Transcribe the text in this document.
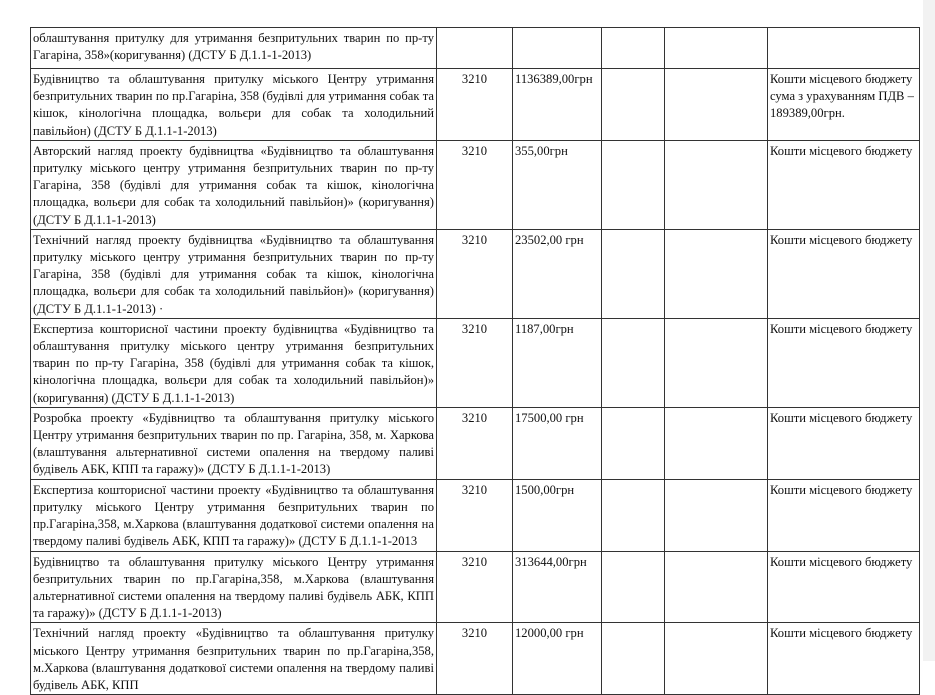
облаштування притулку для утримання безпритульних тварин по пр-ту Гагаріна, 358»(коригування) (ДСТУ Б Д.1.1-1-2013)					
Будівництво та облаштування притулку міського Центру утримання безпритульних тварин по пр.Гагаріна, 358 (будівлі для утримання собак та кішок, кінологічна площадка, вольєри для собак та холодильний павільйон) (ДСТУ Б Д.1.1-1-2013)	3210	1136389,00грн			Кошти місцевого бюджету сума з урахуванням ПДВ – 189389,00грн.
Авторский нагляд проекту будівництва «Будівництво та облаштування притулку міського центру утримання безпритульних тварин по пр-ту Гагаріна, 358 (будівлі для утримання собак та кішок, кінологічна площадка, вольєри для собак та холодильний павільйон)» (коригування) (ДСТУ Б Д.1.1-1-2013)	3210	355,00грн			Кошти місцевого бюджету
Технічний нагляд проекту будівництва «Будівництво та облаштування притулку міського центру утримання безпритульних тварин по пр-ту Гагаріна, 358 (будівлі для утримання собак та кішок, кінологічна площадка, вольєри для собак та холодильний павільйон)» (коригування) (ДСТУ Б Д.1.1-1-2013) ·	3210	23502,00 грн			Кошти місцевого бюджету
Експертиза кошторисної частини проекту будівництва «Будівництво та облаштування притулку міського центру утримання безпритульних тварин по пр-ту Гагаріна, 358 (будівлі для утримання собак та кішок, кінологічна площадка, вольєри для собак та холодильний павільйон)» (коригування) (ДСТУ Б Д.1.1-1-2013)	3210	1187,00грн			Кошти місцевого бюджету
Розробка проекту «Будівництво та облаштування притулку міського Центру утримання безпритульних тварин по пр. Гагаріна, 358, м. Харкова (влаштування альтернативної системи опалення на твердому паливі будівель АБК, КПП та гаражу)» (ДСТУ Б Д.1.1-1-2013)	3210	17500,00 грн			Кошти місцевого бюджету
Експертиза кошторисної частини проекту «Будівництво та облаштування притулку міського Центру утримання безпритульних тварин по пр.Гагаріна,358, м.Харкова (влаштування додаткової системи опалення на твердому паливі будівель АБК, КПП та гаражу)» (ДСТУ Б Д.1.1-1-2013	3210	1500,00грн			Кошти місцевого бюджету
Будівництво та облаштування притулку міського Центру утримання безпритульних тварин по пр.Гагаріна,358, м.Харкова (влаштування альтернативної системи опалення на твердому паливі будівель АБК, КПП та гаражу)» (ДСТУ Б Д.1.1-1-2013)	3210	313644,00грн			Кошти місцевого бюджету
Технічний нагляд проекту «Будівництво та облаштування притулку міського Центру утримання безпритульних тварин по пр.Гагаріна,358, м.Харкова (влаштування додаткової системи опалення на твердому паливі будівель АБК, КПП	3210	12000,00 грн			Кошти місцевого бюджету
